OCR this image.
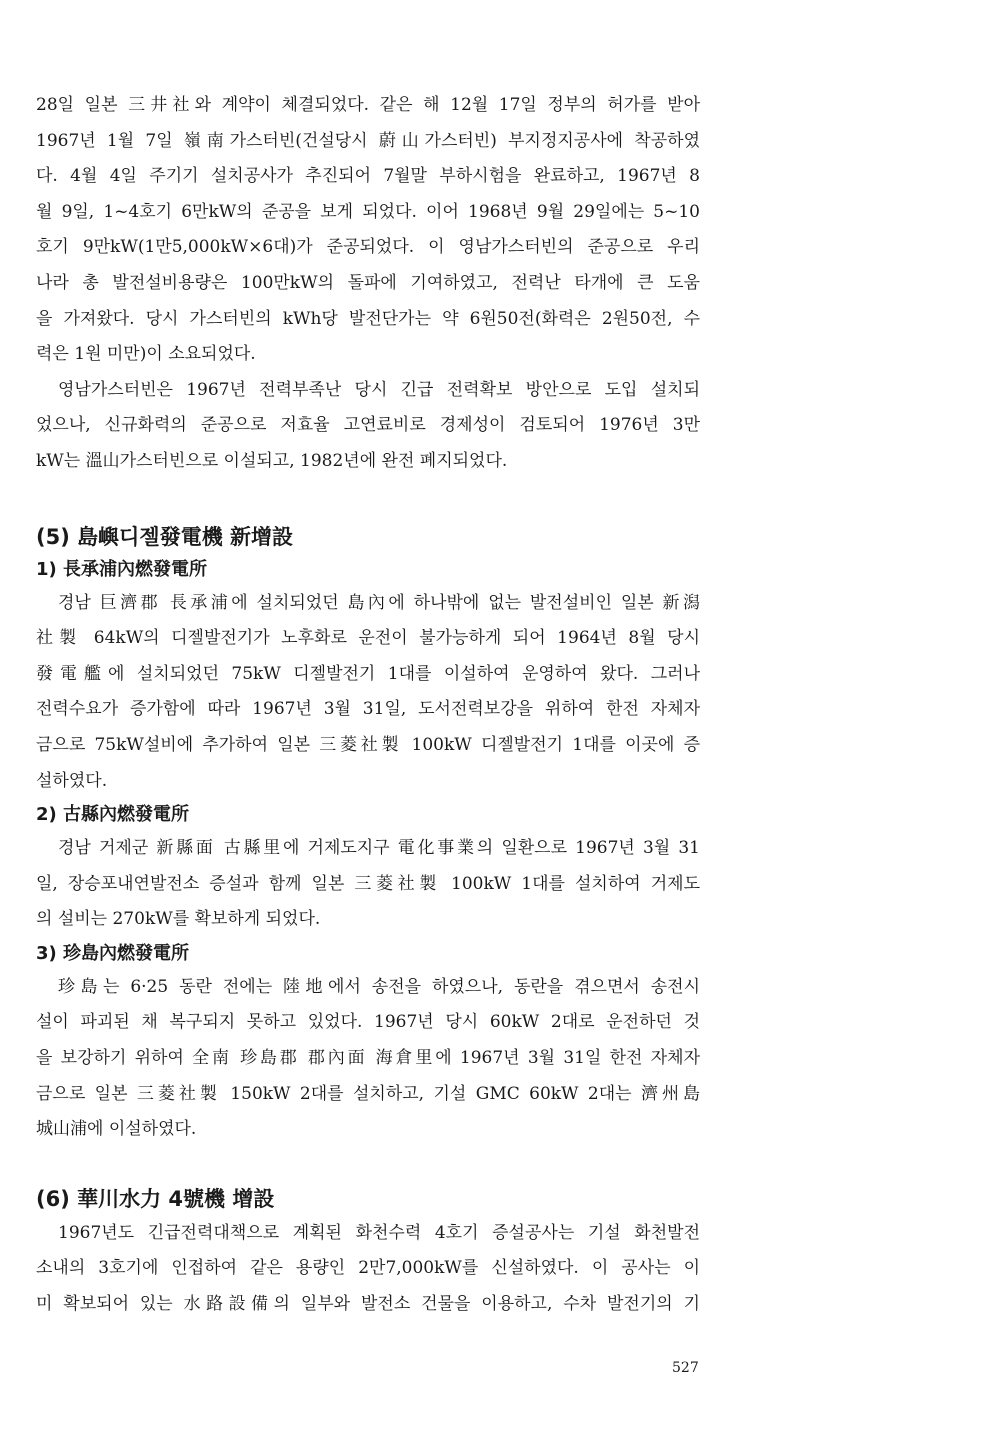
28일 일본 三井社와 계약이 체결되었다. 같은 해 12월 17일 정부의 허가를 받아
1967년 1월 7일 嶺南가스터빈(건설당시 蔚山가스터빈) 부지정지공사에 착공하였
다. 4월 4일 주기기 설치공사가 추진되어 7월말 부하시험을 완료하고, 1967년 8
월 9일, 1~4호기 6만kW의 준공을 보게 되었다. 이어 1968년 9월 29일에는 5~10
호기 9만kW(1만5,000kW×6대)가 준공되었다. 이 영남가스터빈의 준공으로 우리
나라 총 발전설비용량은 100만kW의 돌파에 기여하였고, 전력난 타개에 큰 도움
을 가져왔다. 당시 가스터빈의 kWh당 발전단가는 약 6원50전(화력은 2원50전, 수
력은 1원 미만)이 소요되었다.

영남가스터빈은 1967년 전력부족난 당시 긴급 전력확보 방안으로 도입 설치되
었으나, 신규화력의 준공으로 저효율 고연료비로 경제성이 검토되어 1976년 3만
kW는 溫山가스터빈으로 이설되고, 1982년에 완전 폐지되었다.

(5) 島嶼디젤發電機 新增設
1) 長承浦內燃發電所

경남 巨濟郡 長承浦에 설치되었던 島內에 하나밖에 없는 발전설비인 일본 新潟
社製 64kW의 디젤발전기가 노후화로 운전이 불가능하게 되어 1964년 8월 당시
發電艦에 설치되었던 75kW 디젤발전기 1대를 이설하여 운영하여 왔다. 그러나
전력수요가 증가함에 따라 1967년 3월 31일, 도서전력보강을 위하여 한전 자체자
금으로 75kW설비에 추가하여 일본 三菱社製 100kW 디젤발전기 1대를 이곳에 증
설하였다.

2) 古縣內燃發電所

경남 거제군 新縣面 古縣里에 거제도지구 電化事業의 일환으로 1967년 3월 31
일, 장승포내연발전소 증설과 함께 일본 三菱社製 100kW 1대를 설치하여 거제도
의 설비는 270kW를 확보하게 되었다.

3) 珍島內燃發電所

珍島는 6·25 동란 전에는 陸地에서 송전을 하였으나, 동란을 겪으면서 송전시
설이 파괴된 채 복구되지 못하고 있었다. 1967년 당시 60kW 2대로 운전하던 것
을 보강하기 위하여 全南 珍島郡 郡內面 海倉里에 1967년 3월 31일 한전 자체자
금으로 일본 三菱社製 150kW 2대를 설치하고, 기설 GMC 60kW 2대는 濟州島
城山浦에 이설하였다.

(6) 華川水力 4號機 增設

1967년도 긴급전력대책으로 계획된 화천수력 4호기 증설공사는 기설 화천발전
소내의 3호기에 인접하여 같은 용량인 2만7,000kW를 신설하였다. 이 공사는 이
미 확보되어 있는 水路設備의 일부와 발전소 건물을 이용하고, 수차 발전기의 기

527
